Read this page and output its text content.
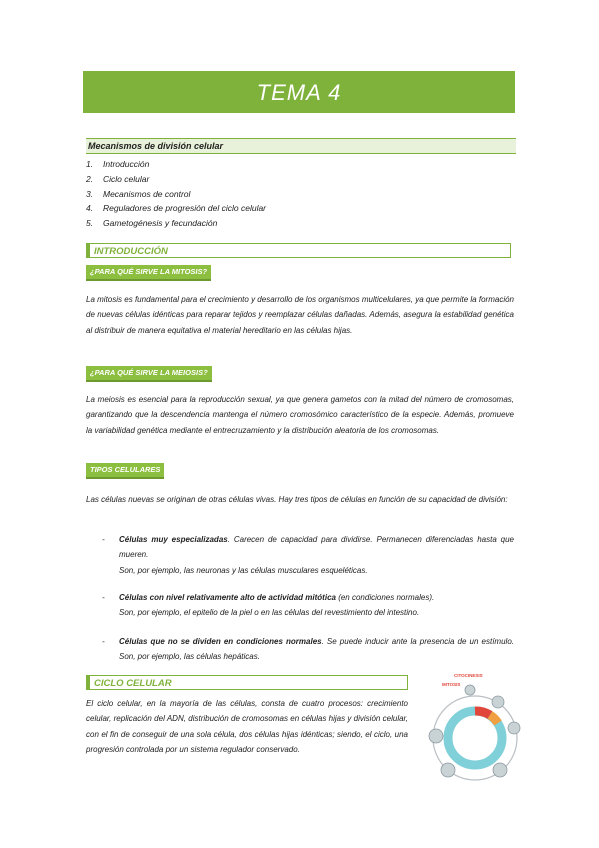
TEMA 4
Mecanismos de división celular
1. Introducción
2. Ciclo celular
3. Mecanismos de control
4. Reguladores de progresión del ciclo celular
5. Gametogénesis y fecundación
INTRODUCCIÓN
¿PARA QUÉ SIRVE LA MITOSIS?

La mitosis es fundamental para el crecimiento y desarrollo de los organismos multicelulares, ya que permite la formación de nuevas células idénticas para reparar tejidos y reemplazar células dañadas. Además, asegura la estabilidad genética al distribuir de manera equitativa el material hereditario en las células hijas.

¿PARA QUÉ SIRVE LA MEIOSIS?

La meiosis es esencial para la reproducción sexual, ya que genera gametos con la mitad del número de cromosomas, garantizando que la descendencia mantenga el número cromosómico característico de la especie. Además, promueve la variabilidad genética mediante el entrecruzamiento y la distribución aleatoria de los cromosomas.

TIPOS CELULARES

Las células nuevas se originan de otras células vivas. Hay tres tipos de células en función de su capacidad de división:

- Células muy especializadas. Carecen de capacidad para dividirse. Permanecen diferenciadas hasta que mueren.
Son, por ejemplo, las neuronas y las células musculares esqueléticas.
- Células con nivel relativamente alto de actividad mitótica (en condiciones normales).
Son, por ejemplo, el epitelio de la piel o en las células del revestimiento del intestino.
- Células que no se dividen en condiciones normales. Se puede inducir ante la presencia de un estímulo. Son, por ejemplo, las células hepáticas.
CICLO CELULAR

El ciclo celular, en la mayoría de las células, consta de cuatro procesos: crecimiento celular, replicación del ADN, distribución de cromosomas en células hijas y división celular, con el fin de conseguir de una sola célula, dos células hijas idénticas; siendo, el ciclo, una progresión controlada por un sistema regulador conservado.

CITOCINESIS
MITOSIS
